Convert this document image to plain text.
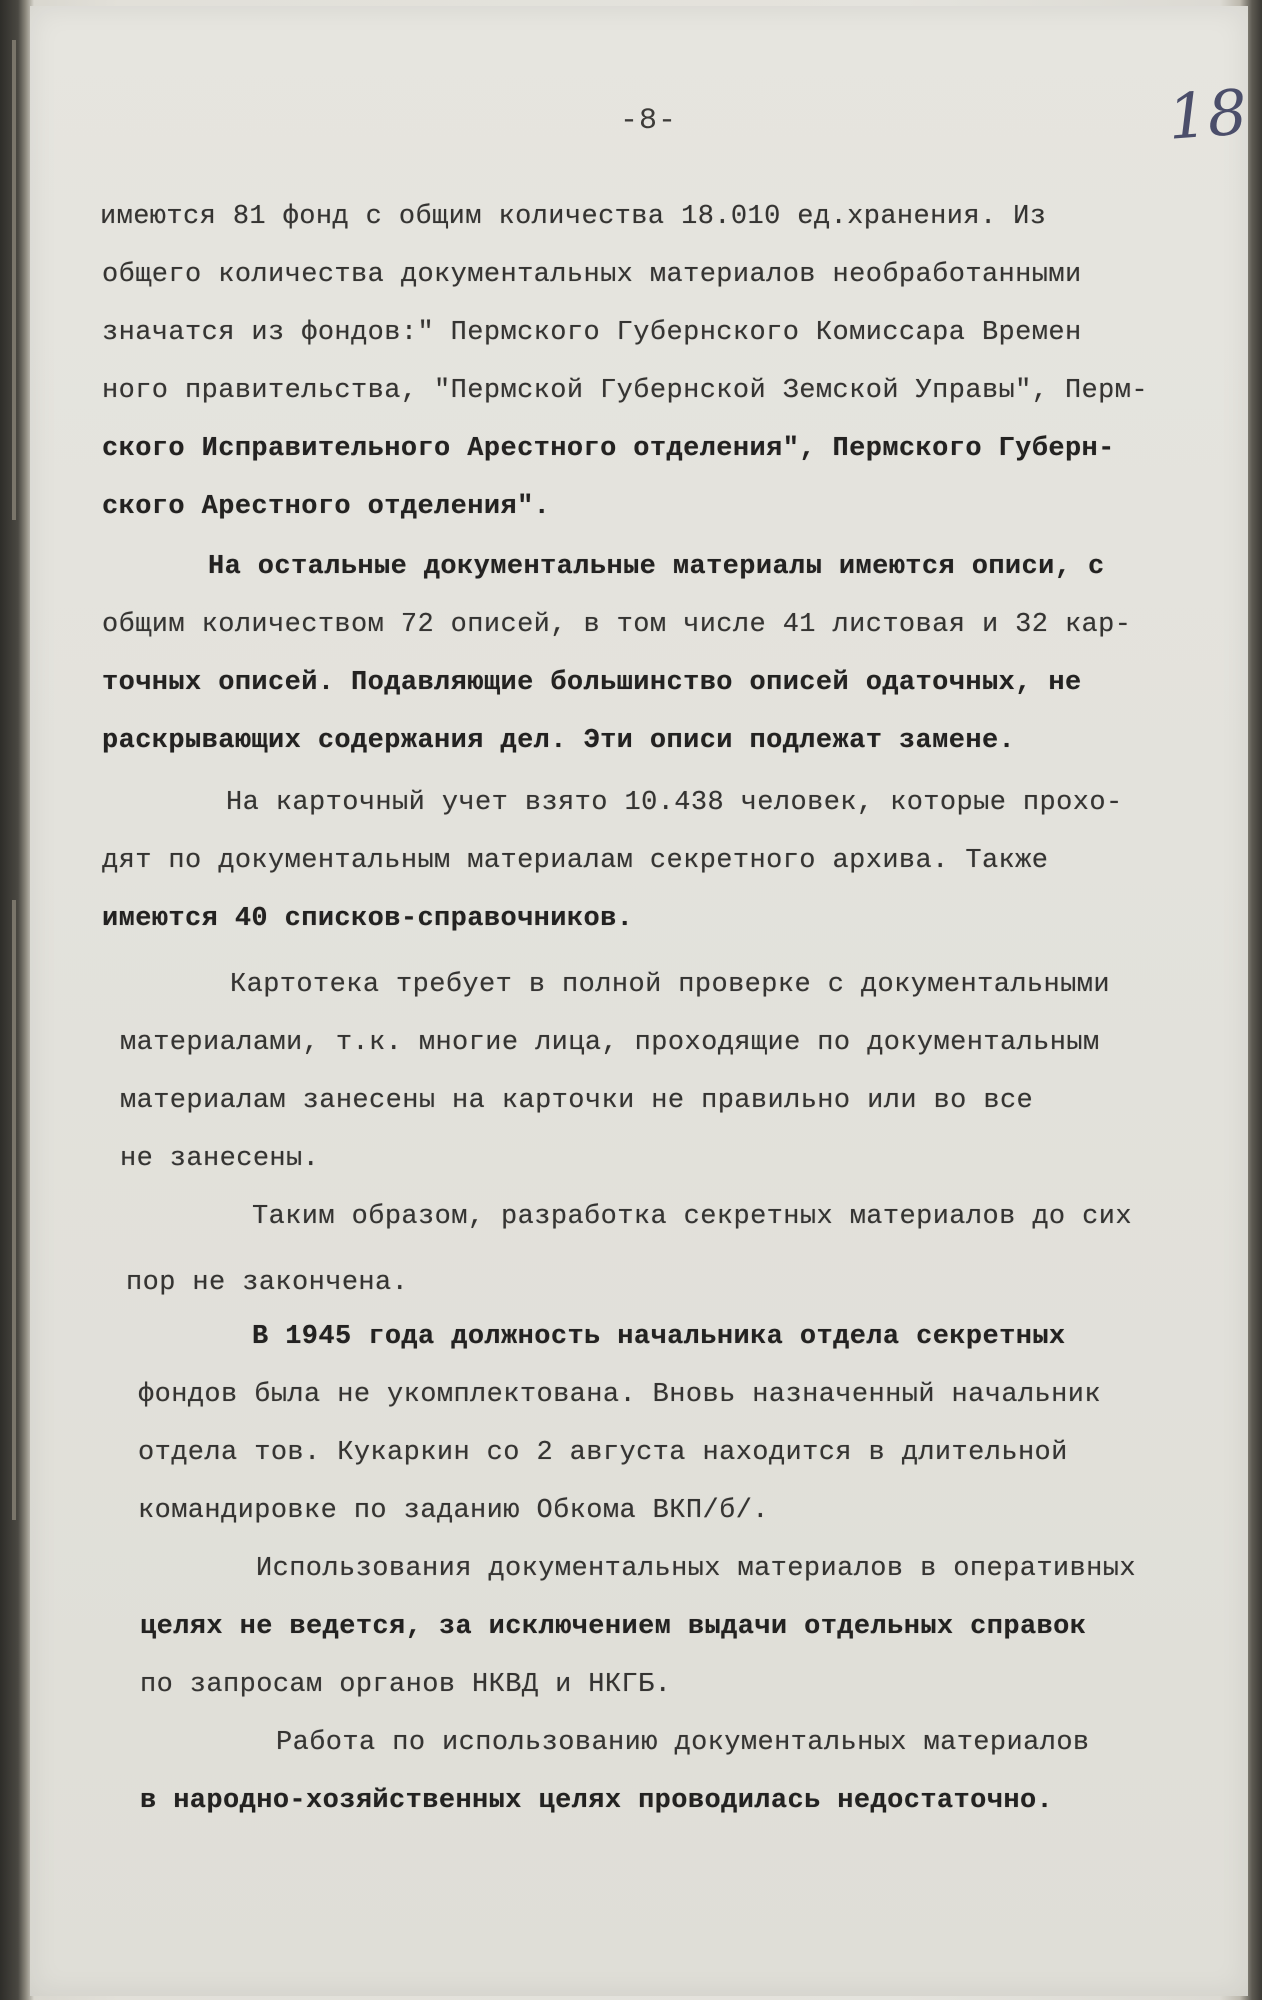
-8-	18
имеются 81 фонд с общим количества 18.010 ед.хранения. Из
общего количества документальных материалов необработанными
значатся из фондов:" Пермского Губернского Комиссара Времен
ного правительства, "Пермской Губернской Земской Управы", Перм-
ского Исправительного Арестного отделения", Пермского Губерн-
ского Арестного отделения".
На остальные документальные материалы имеются описи, с
общим количеством 72 описей, в том числе 41 листовая и 32 кар-
точных описей. Подавляющие большинство описей одаточных, не
раскрывающих содержания дел. Эти описи подлежат замене.
На карточный учет взято 10.438 человек, которые прохо-
дят по документальным материалам секретного архива. Также
имеются 40 списков-справочников.
Картотека требует в полной проверке с документальными
материалами, т.к. многие лица, проходящие по документальным
материалам занесены на карточки не правильно или во все
не занесены.
Таким образом, разработка секретных материалов до сих
пор не закончена.
В 1945 года должность начальника отдела секретных
фондов была не укомплектована. Вновь назначенный начальник
отдела тов. Кукаркин со 2 августа находится в длительной
командировке по заданию Обкома ВКП/б/.
Использования документальных материалов в оперативных
целях не ведется, за исключением выдачи отдельных справок
по запросам органов НКВД и НКГБ.
Работа по использованию документальных материалов
в народно-хозяйственных целях проводилась недостаточно.
